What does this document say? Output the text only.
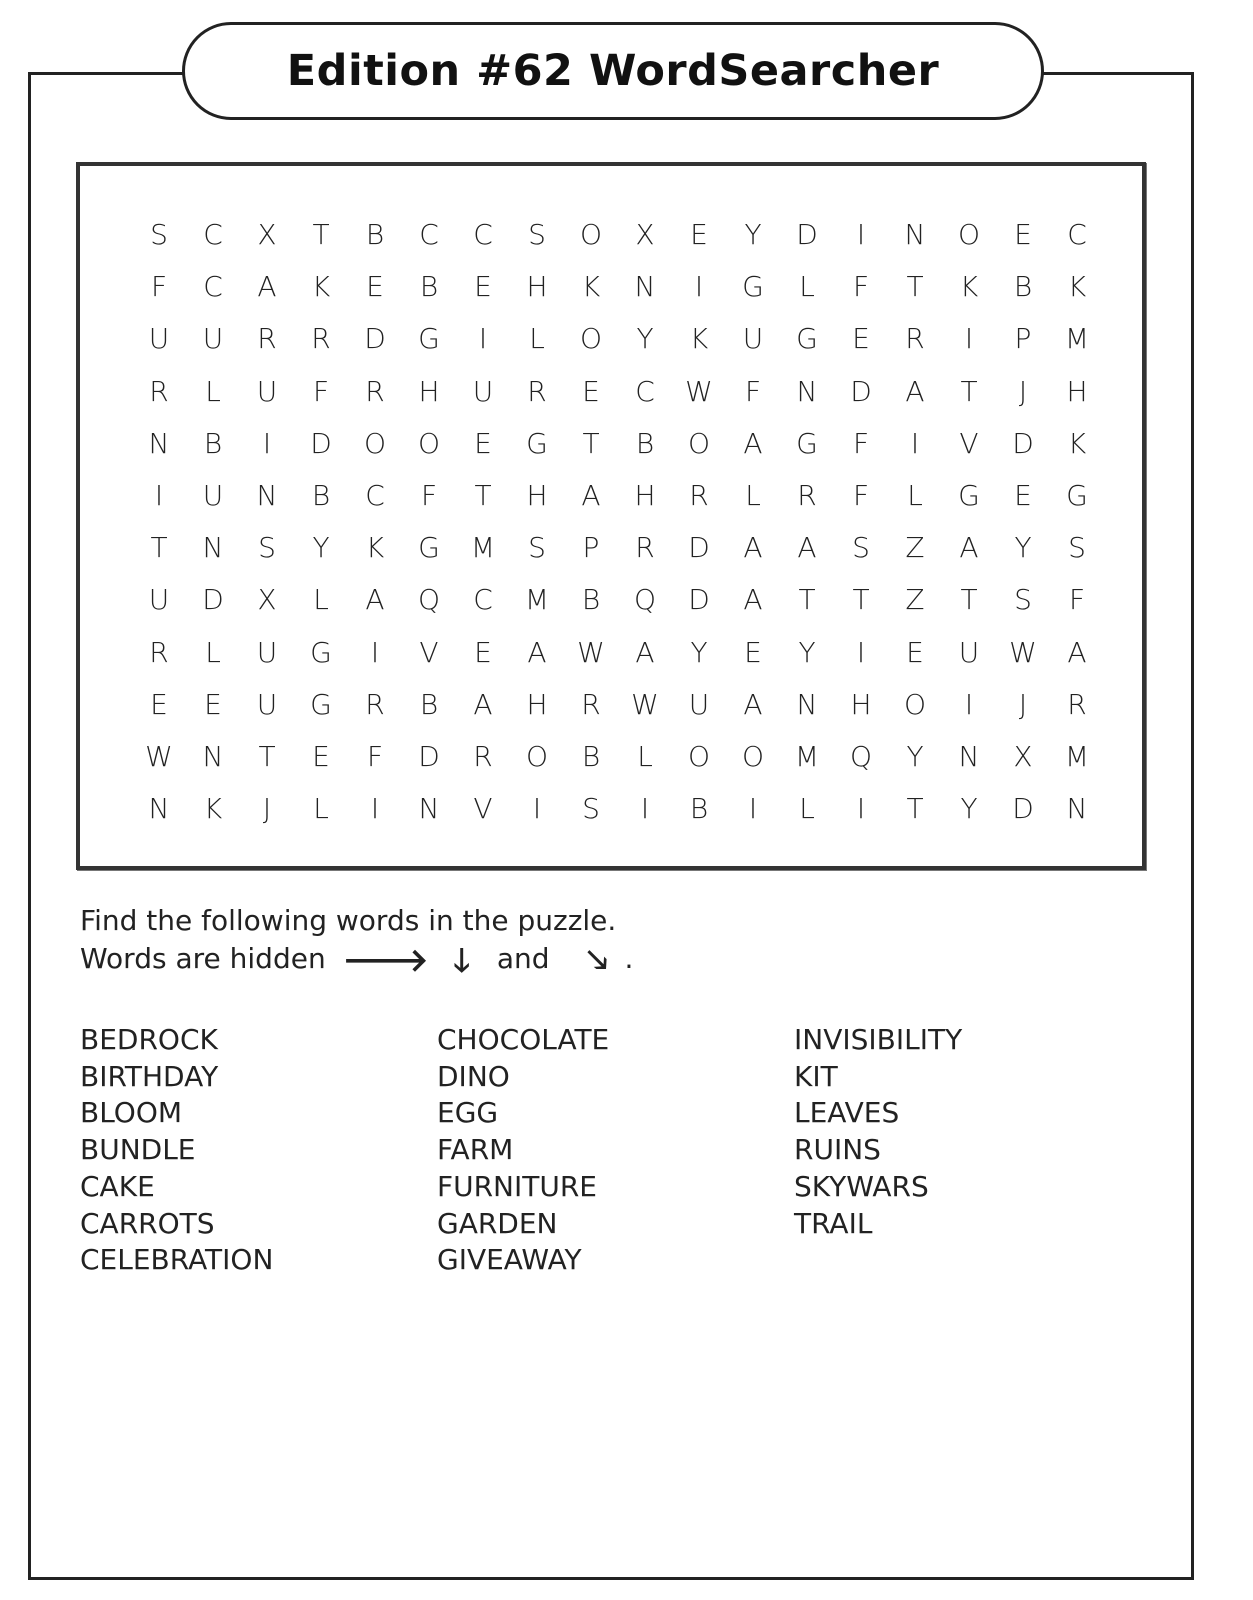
Edition #62 WordSearcher
S	C	X	T	B	C	C	S	O	X	E	Y	D	I	N	O	E	C
F	C	A	K	E	B	E	H	K	N	I	G	L	F	T	K	B	K
U	U	R	R	D	G	I	L	O	Y	K	U	G	E	R	I	P	M
R	L	U	F	R	H	U	R	E	C	W	F	N	D	A	T	J	H
N	B	I	D	O	O	E	G	T	B	O	A	G	F	I	V	D	K
I	U	N	B	C	F	T	H	A	H	R	L	R	F	L	G	E	G
T	N	S	Y	K	G	M	S	P	R	D	A	A	S	Z	A	Y	S
U	D	X	L	A	Q	C	M	B	Q	D	A	T	T	Z	T	S	F
R	L	U	G	I	V	E	A	W	A	Y	E	Y	I	E	U	W	A
E	E	U	G	R	B	A	H	R	W	U	A	N	H	O	I	J	R
W	N	T	E	F	D	R	O	B	L	O	O	M	Q	Y	N	X	M
N	K	J	L	I	N	V	I	S	I	B	I	L	I	T	Y	D	N
Find the following words in the puzzle.
Words are hidden 🡒 🡓 and 🡖 .
BEDROCK
BIRTHDAY
BLOOM
BUNDLE
CAKE
CARROTS
CELEBRATION
CHOCOLATE
DINO
EGG
FARM
FURNITURE
GARDEN
GIVEAWAY
INVISIBILITY
KIT
LEAVES
RUINS
SKYWARS
TRAIL
